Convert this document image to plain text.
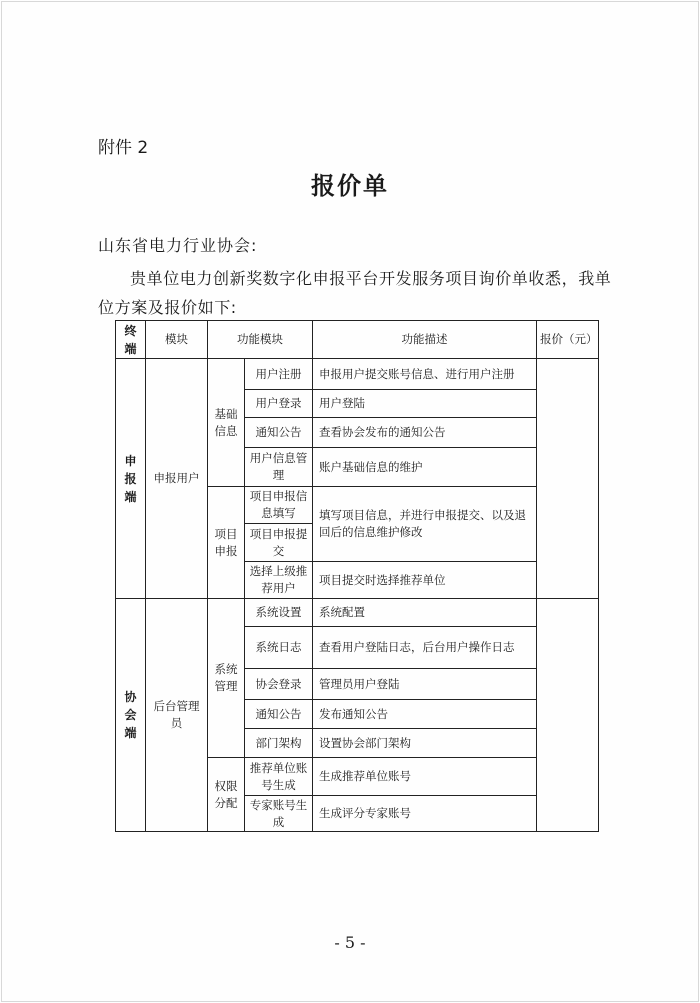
附件 2
报价单
山东省电力行业协会:
贵单位电力创新奖数字化申报平台开发服务项目询价单收悉，我单位方案及报价如下:
终端	模块	功能模块		功能描述	报价（元）
申报端	申报用户	基础信息	用户注册	申报用户提交账号信息、进行用户注册	
			用户登录	用户登陆	
			通知公告	查看协会发布的通知公告	
			用户信息管理	账户基础信息的维护	
		项目申报	项目申报信息填写	填写项目信息，并进行申报提交、以及退回后的信息维护修改	
			项目申报提交		
			选择上级推荐用户	项目提交时选择推荐单位	
协会端	后台管理员	系统管理	系统设置	系统配置	
			系统日志	查看用户登陆日志，后台用户操作日志	
			协会登录	管理员用户登陆	
			通知公告	发布通知公告	
			部门架构	设置协会部门架构	
		权限分配	推荐单位账号生成	生成推荐单位账号	
			专家账号生成	生成评分专家账号	
- 5 -
